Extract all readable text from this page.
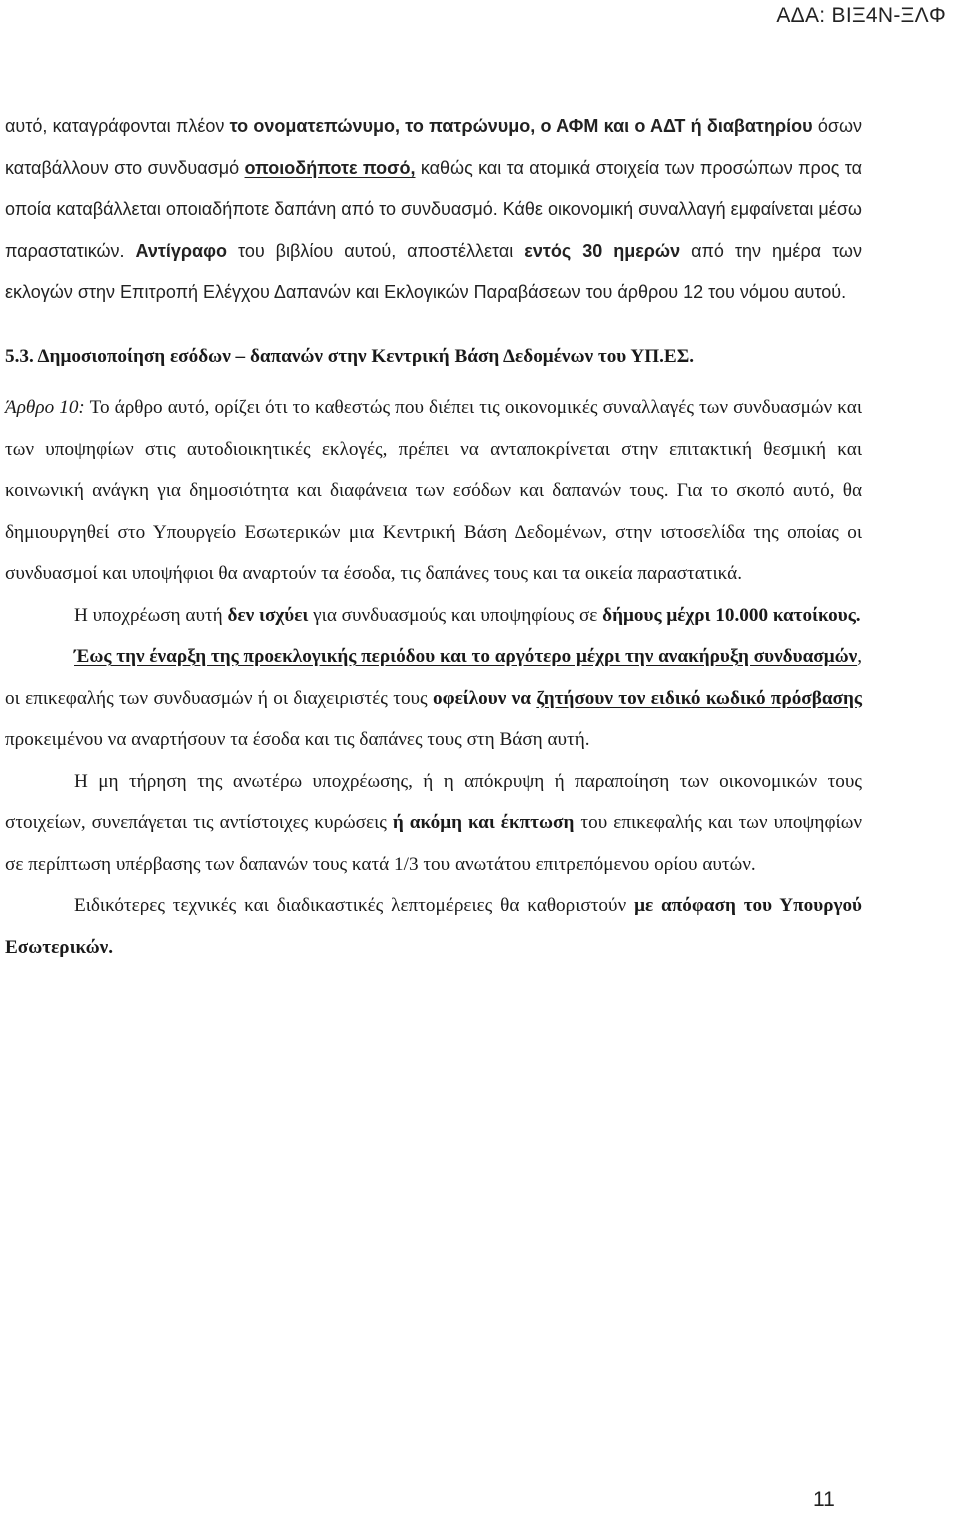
ΑΔΑ: ΒΙΞ4Ν-ΞΛΦ

αυτό, καταγράφονται πλέον το ονοματεπώνυμο, το πατρώνυμο, ο ΑΦΜ και ο ΑΔΤ ή διαβατηρίου όσων καταβάλλουν στο συνδυασμό οποιοδήποτε ποσό, καθώς και τα ατομικά στοιχεία των προσώπων προς τα οποία καταβάλλεται οποιαδήποτε δαπάνη από το συνδυασμό. Κάθε οικονομική συναλλαγή εμφαίνεται μέσω παραστατικών. Αντίγραφο του βιβλίου αυτού, αποστέλλεται εντός 30 ημερών από την ημέρα των εκλογών στην Επιτροπή Ελέγχου Δαπανών και Εκλογικών Παραβάσεων του άρθρου 12 του νόμου αυτού.

5.3. Δημοσιοποίηση εσόδων – δαπανών στην Κεντρική Βάση Δεδομένων του ΥΠ.ΕΣ.

Άρθρο 10: Το άρθρο αυτό, ορίζει ότι το καθεστώς που διέπει τις οικονομικές συναλλαγές των συνδυασμών και των υποψηφίων στις αυτοδιοικητικές εκλογές, πρέπει να ανταποκρίνεται στην επιτακτική θεσμική και κοινωνική ανάγκη για δημοσιότητα και διαφάνεια των εσόδων και δαπανών τους. Για το σκοπό αυτό, θα δημιουργηθεί στο Υπουργείο Εσωτερικών μια Κεντρική Βάση Δεδομένων, στην ιστοσελίδα της οποίας οι συνδυασμοί και υποψήφιοι θα αναρτούν τα έσοδα, τις δαπάνες τους και τα οικεία παραστατικά.

Η υποχρέωση αυτή δεν ισχύει για συνδυασμούς και υποψηφίους σε δήμους μέχρι 10.000 κατοίκους.

Έως την έναρξη της προεκλογικής περιόδου και το αργότερο μέχρι την ανακήρυξη συνδυασμών, οι επικεφαλής των συνδυασμών ή οι διαχειριστές τους οφείλουν να ζητήσουν τον ειδικό κωδικό πρόσβασης προκειμένου να αναρτήσουν τα έσοδα και τις δαπάνες τους στη Βάση αυτή.

Η μη τήρηση της ανωτέρω υποχρέωσης, ή η απόκρυψη ή παραποίηση των οικονομικών τους στοιχείων, συνεπάγεται τις αντίστοιχες κυρώσεις ή ακόμη και έκπτωση του επικεφαλής και των υποψηφίων σε περίπτωση υπέρβασης των δαπανών τους κατά 1/3 του ανωτάτου επιτρεπόμενου ορίου αυτών.

Ειδικότερες τεχνικές και διαδικαστικές λεπτομέρειες θα καθοριστούν με απόφαση του Υπουργού Εσωτερικών.

11
